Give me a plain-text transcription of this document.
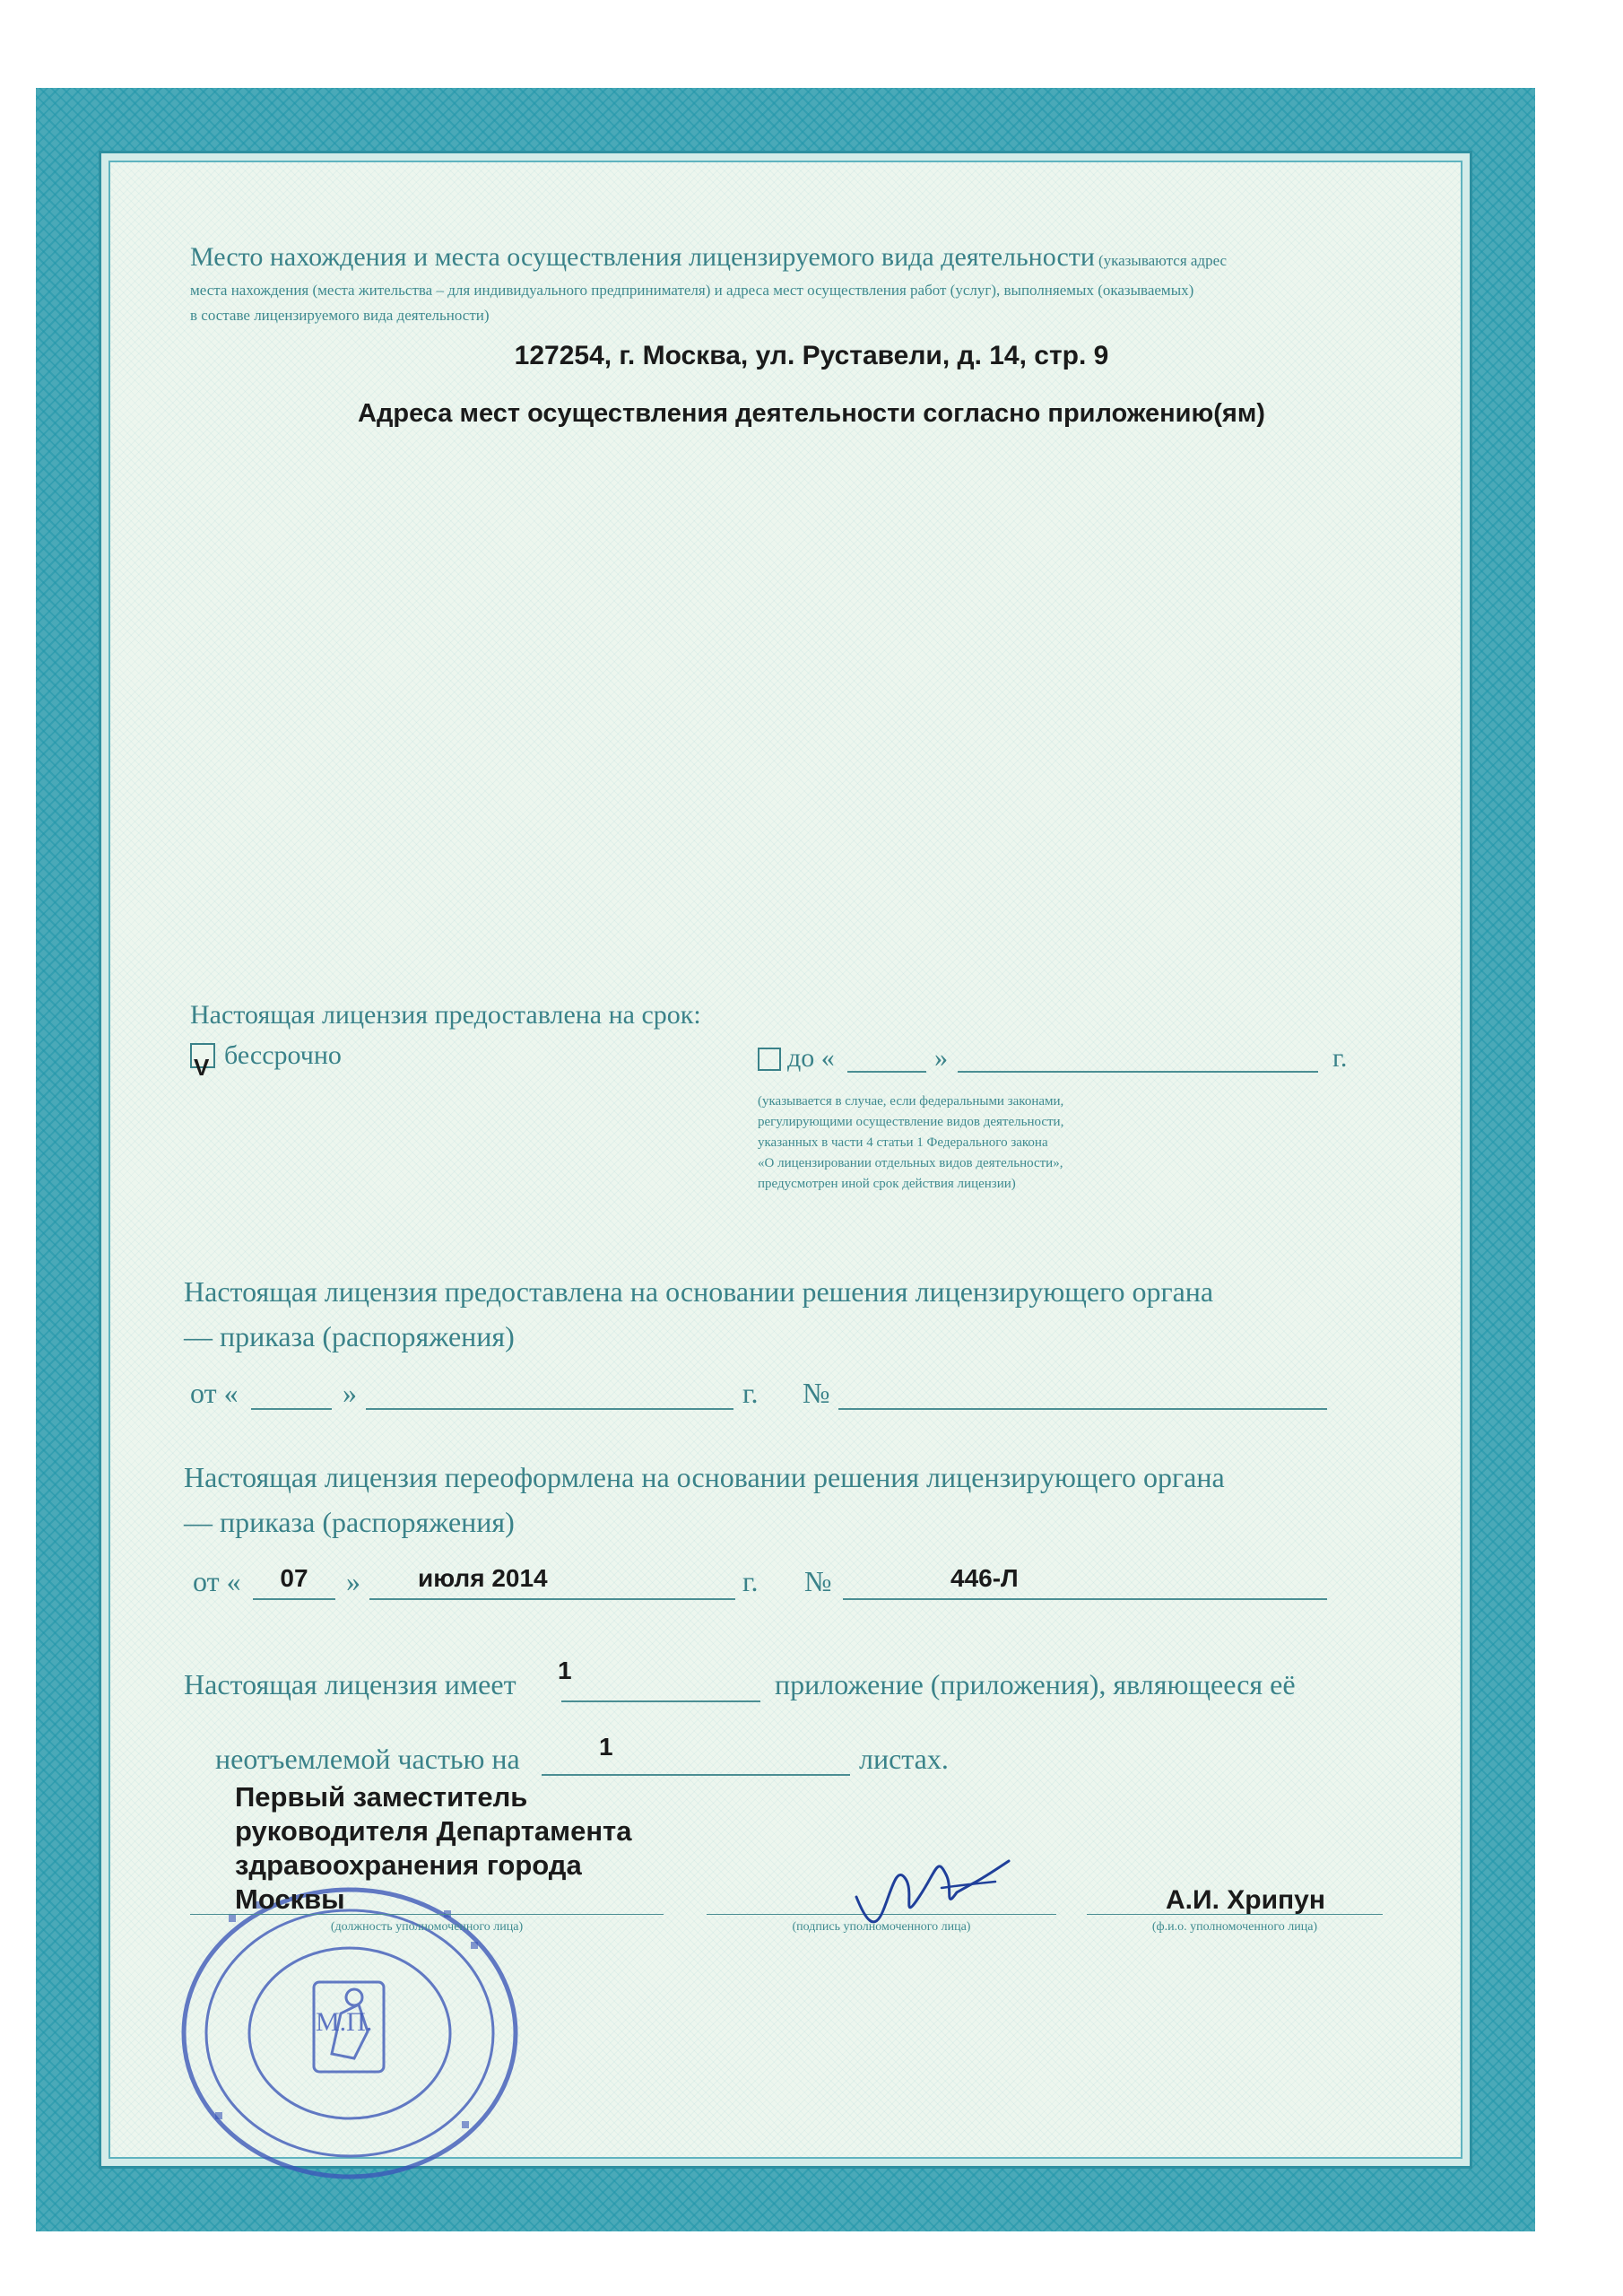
Место нахождения и места осуществления лицензируемого вида деятельности (указываются адрес
места нахождения (места жительства – для индивидуального предпринимателя) и адреса мест осуществления работ (услуг), выполняемых (оказываемых)
в составе лицензируемого вида деятельности)
127254, г. Москва, ул. Руставели, д. 14, стр. 9
Адреса мест осуществления деятельности согласно приложению(ям)
Настоящая лицензия предоставлена на срок:
V бессрочно	до «	»	г.
(указывается в случае, если федеральными законами,
регулирующими осуществление видов деятельности,
указанных в части 4 статьи 1 Федерального закона
«О лицензировании отдельных видов деятельности»,
предусмотрен иной срок действия лицензии)
Настоящая лицензия предоставлена на основании решения лицензирующего органа
— приказа (распоряжения)
от «	»	г. №
Настоящая лицензия переоформлена на основании решения лицензирующего органа
— приказа (распоряжения)
от «	07	» июля 2014	г. №	446-Л
Настоящая лицензия имеет 1	приложение (приложения), являющееся её
неотъемлемой частью на	1	листах.
М.П.
Первый заместитель
руководителя Департамента
здравоохранения города
Москвы
(должность уполномоченного лица)	(подпись уполномоченного лица)
А.И. Хрипун
(ф.и.о. уполномоченного лица)
